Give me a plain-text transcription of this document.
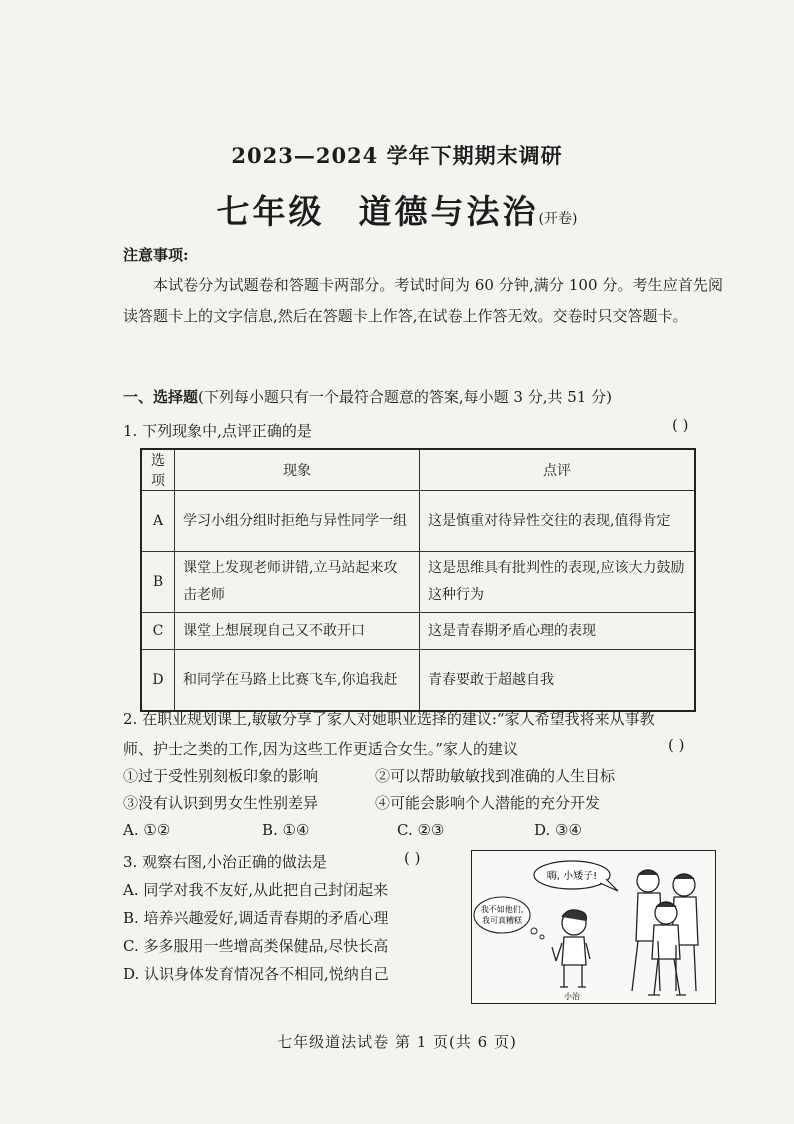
2023—2024 学年下期期末调研
七年级 道德与法治(开卷)
注意事项:
本试卷分为试题卷和答题卡两部分。考试时间为 60 分钟,满分 100 分。考生应首先阅读答题卡上的文字信息,然后在答题卡上作答,在试卷上作答无效。交卷时只交答题卡。
一、选择题(下列每小题只有一个最符合题意的答案,每小题 3 分,共 51 分)
1. 下列现象中,点评正确的是	( )
选项	现象	点评
A	学习小组分组时拒绝与异性同学一组	这是慎重对待异性交往的表现,值得肯定
B	课堂上发现老师讲错,立马站起来攻击老师	这是思维具有批判性的表现,应该大力鼓励这种行为
C	课堂上想展现自己又不敢开口	这是青春期矛盾心理的表现
D	和同学在马路上比赛飞车,你追我赶	青春要敢于超越自我
2. 在职业规划课上,敏敏分享了家人对她职业选择的建议:“家人希望我将来从事教
师、护士之类的工作,因为这些工作更适合女生。”家人的建议	( )
①过于受性别刻板印象的影响	②可以帮助敏敏找到准确的人生目标
③没有认识到男女生性别差异	④可能会影响个人潜能的充分开发
A. ①②	B. ①④	C. ②③	D. ③④
3. 观察右图,小治正确的做法是	( )
A. 同学对我不友好,从此把自己封闭起来
B. 培养兴趣爱好,调适青春期的矛盾心理
C. 多多服用一些增高类保健品,尽快长高
D. 认识身体发育情况各不相同,悦纳自己
嗨, 小矮子!
我不如他们,
我可真糟糕
小治
七年级道法试卷 第 1 页(共 6 页)
